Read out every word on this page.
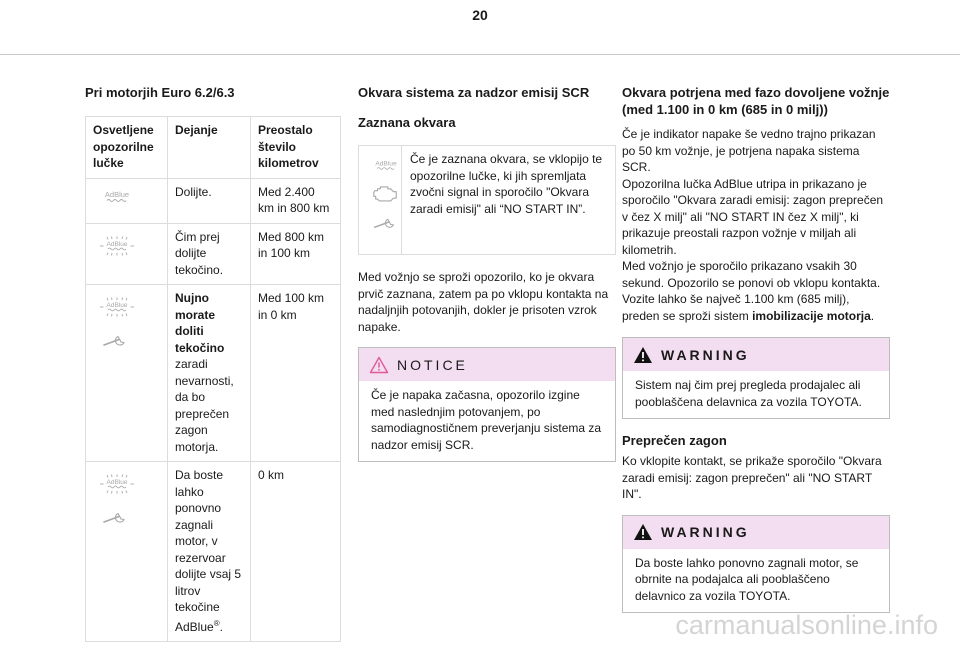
20
Pri motorjih Euro 6.2/6.3
Osvetljene opozorilne lučke	Dejanje	Preostalo število kilometrov

	Dolijte.	Med 2.400 km in 800 km

	Čim prej dolijte tekočino.	Med 800 km in 100 km

	Nujno morate doliti tekočino zaradi nevarnosti, da bo preprečen zagon motorja.	Med 100 km in 0 km

	Da boste lahko ponovno zagnali motor, v rezervoar dolijte vsaj 5 litrov tekočine AdBlue®.	0 km
Okvara sistema za nadzor emisij SCR
Zaznana okvara
Če je zaznana okvara, se vklopijo te opozorilne lučke, ki jih spremljata zvočni signal in sporočilo "Okvara zaradi emisij" ali “NO START IN”.

Med vožnjo se sproži opozorilo, ko je okvara prvič zaznana, zatem pa po vklopu kontakta na nadaljnjih potovanjih, dokler je prisoten vzrok napake.

NOTICE
Če je napaka začasna, opozorilo izgine med naslednjim potovanjem, po samodiagnostičnem preverjanju sistema za nadzor emisij SCR.
Okvara potrjena med fazo dovoljene vožnje (med 1.100 in 0 km (685 in 0 milj))

Če je indikator napake še vedno trajno prikazan po 50 km vožnje, je potrjena napaka sistema SCR.

Opozorilna lučka AdBlue utripa in prikazano je sporočilo "Okvara zaradi emisij: zagon preprečen v čez X milj" ali "NO START IN čez X milj", ki prikazuje preostali razpon vožnje v miljah ali kilometrih.

Med vožnjo je sporočilo prikazano vsakih 30 sekund. Opozorilo se ponovi ob vklopu kontakta.

Vozite lahko še največ 1.100 km (685 milj), preden se sproži sistem imobilizacije motorja.

WARNING
Sistem naj čim prej pregleda prodajalec ali pooblaščena delavnica za vozila TOYOTA.
Preprečen zagon

Ko vklopite kontakt, se prikaže sporočilo "Okvara zaradi emisij: zagon preprečen" ali "NO START IN".

WARNING
Da boste lahko ponovno zagnali motor, se obrnite na podajalca ali pooblaščeno delavnico za vozila TOYOTA.
carmanualsonline.info
